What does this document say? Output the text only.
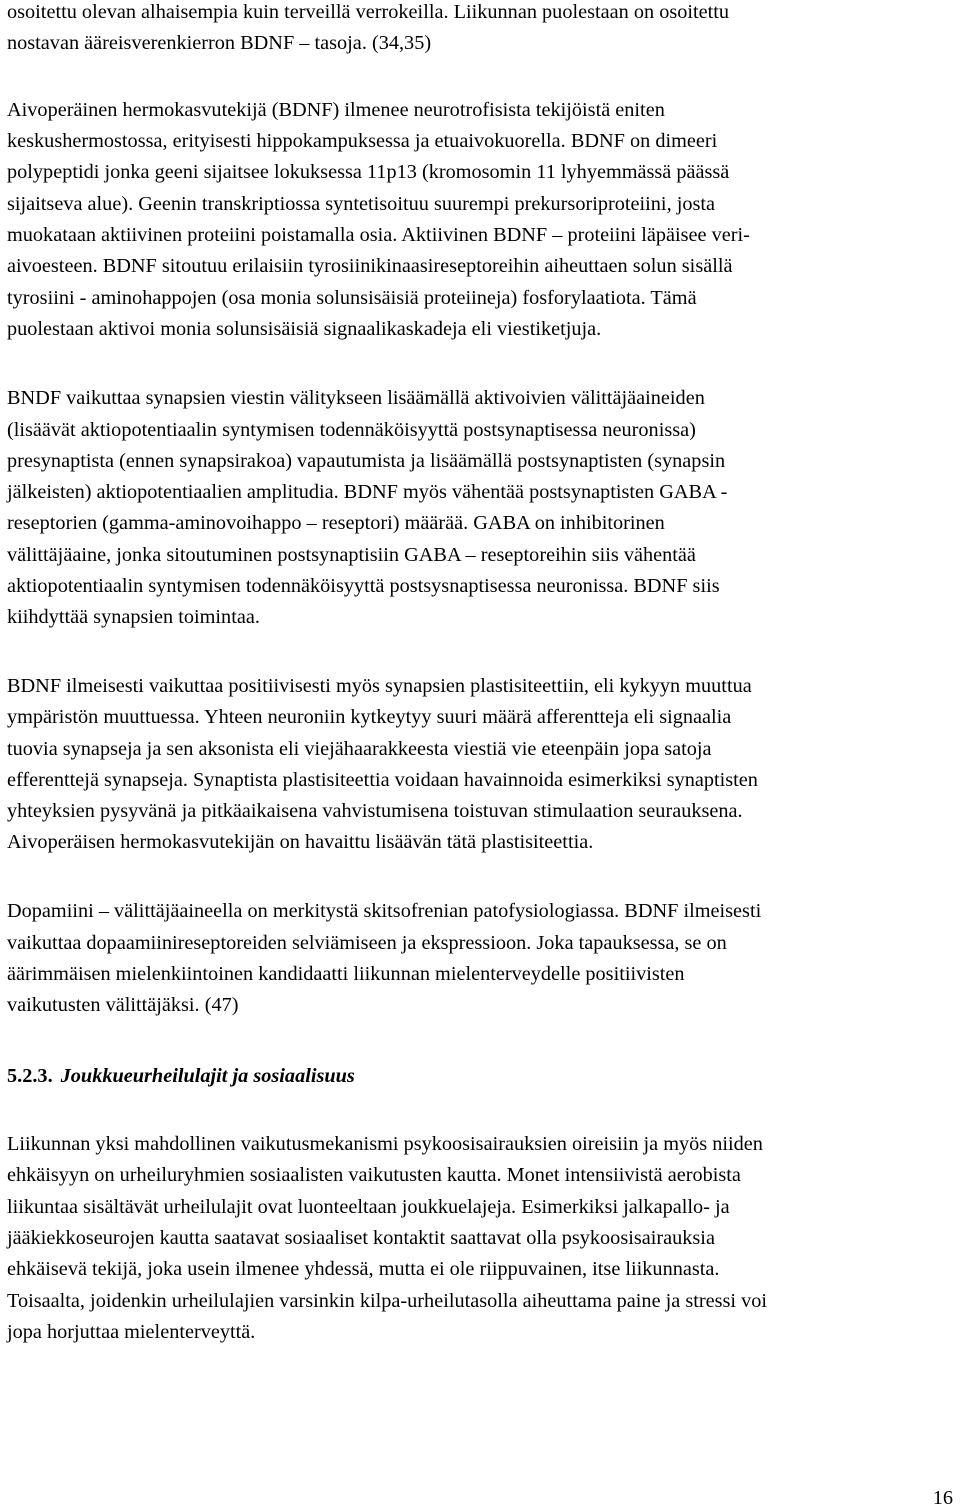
osoitettu olevan alhaisempia kuin terveillä verrokeilla. Liikunnan puolestaan on osoitettu
nostavan ääreisverenkierron BDNF – tasoja. (34,35)
Aivoperäinen hermokasvutekijä (BDNF) ilmenee neurotrofisista tekijöistä eniten
keskushermostossa, erityisesti hippokampuksessa ja etuaivokuorella. BDNF on dimeeri
polypeptidi jonka geeni sijaitsee lokuksessa 11p13 (kromosomin 11 lyhyemmässä päässä
sijaitseva alue). Geenin transkriptiossa syntetisoituu suurempi prekursoriproteiini, josta
muokataan aktiivinen proteiini poistamalla osia. Aktiivinen BDNF – proteiini läpäisee veri-
aivoesteen. BDNF sitoutuu erilaisiin tyrosiinikinaasireseptoreihin aiheuttaen solun sisällä
tyrosiini - aminohappojen (osa monia solunsisäisiä proteiineja) fosforylaatiota. Tämä
puolestaan aktivoi monia solunsisäisiä signaalikaskadeja eli viestiketjuja.
BNDF vaikuttaa synapsien viestin välitykseen lisäämällä aktivoivien välittäjäaineiden
(lisäävät aktiopotentiaalin syntymisen todennäköisyyttä postsynaptisessa neuronissa)
presynaptista (ennen synapsirakoa) vapautumista ja lisäämällä postsynaptisten (synapsin
jälkeisten) aktiopotentiaalien amplitudia. BDNF myös vähentää postsynaptisten GABA -
reseptorien (gamma-aminovoihappo – reseptori) määrää. GABA on inhibitorinen
välittäjäaine, jonka sitoutuminen postsynaptisiin GABA – reseptoreihin siis vähentää
aktiopotentiaalin syntymisen todennäköisyyttä postsysnaptisessa neuronissa. BDNF siis
kiihdyttää synapsien toimintaa.
BDNF ilmeisesti vaikuttaa positiivisesti myös synapsien plastisiteettiin, eli kykyyn muuttua
ympäristön muuttuessa. Yhteen neuroniin kytkeytyy suuri määrä afferentteja eli signaalia
tuovia synapseja ja sen aksonista eli viejähaarakkeesta viestiä vie eteenpäin jopa satoja
efferenttejä synapseja. Synaptista plastisiteettia voidaan havainnoida esimerkiksi synaptisten
yhteyksien pysyvänä ja pitkäaikaisena vahvistumisena toistuvan stimulaation seurauksena.
Aivoperäisen hermokasvutekijän on havaittu lisäävän tätä plastisiteettia.
Dopamiini – välittäjäaineella on merkitystä skitsofrenian patofysiologiassa. BDNF ilmeisesti
vaikuttaa dopaamiinireseptoreiden selviämiseen ja ekspressioon. Joka tapauksessa, se on
äärimmäisen mielenkiintoinen kandidaatti liikunnan mielenterveydelle positiivisten
vaikutusten välittäjäksi. (47)
5.2.3. Joukkueurheilulajit ja sosiaalisuus
Liikunnan yksi mahdollinen vaikutusmekanismi psykoosisairauksien oireisiin ja myös niiden
ehkäisyyn on urheiluryhmien sosiaalisten vaikutusten kautta. Monet intensiivistä aerobista
liikuntaa sisältävät urheilulajit ovat luonteeltaan joukkuelajeja. Esimerkiksi jalkapallo- ja
jääkiekkoseurojen kautta saatavat sosiaaliset kontaktit saattavat olla psykoosisairauksia
ehkäisevä tekijä, joka usein ilmenee yhdessä, mutta ei ole riippuvainen, itse liikunnasta.
Toisaalta, joidenkin urheilulajien varsinkin kilpa-urheilutasolla aiheuttama paine ja stressi voi
jopa horjuttaa mielenterveyttä.
16
